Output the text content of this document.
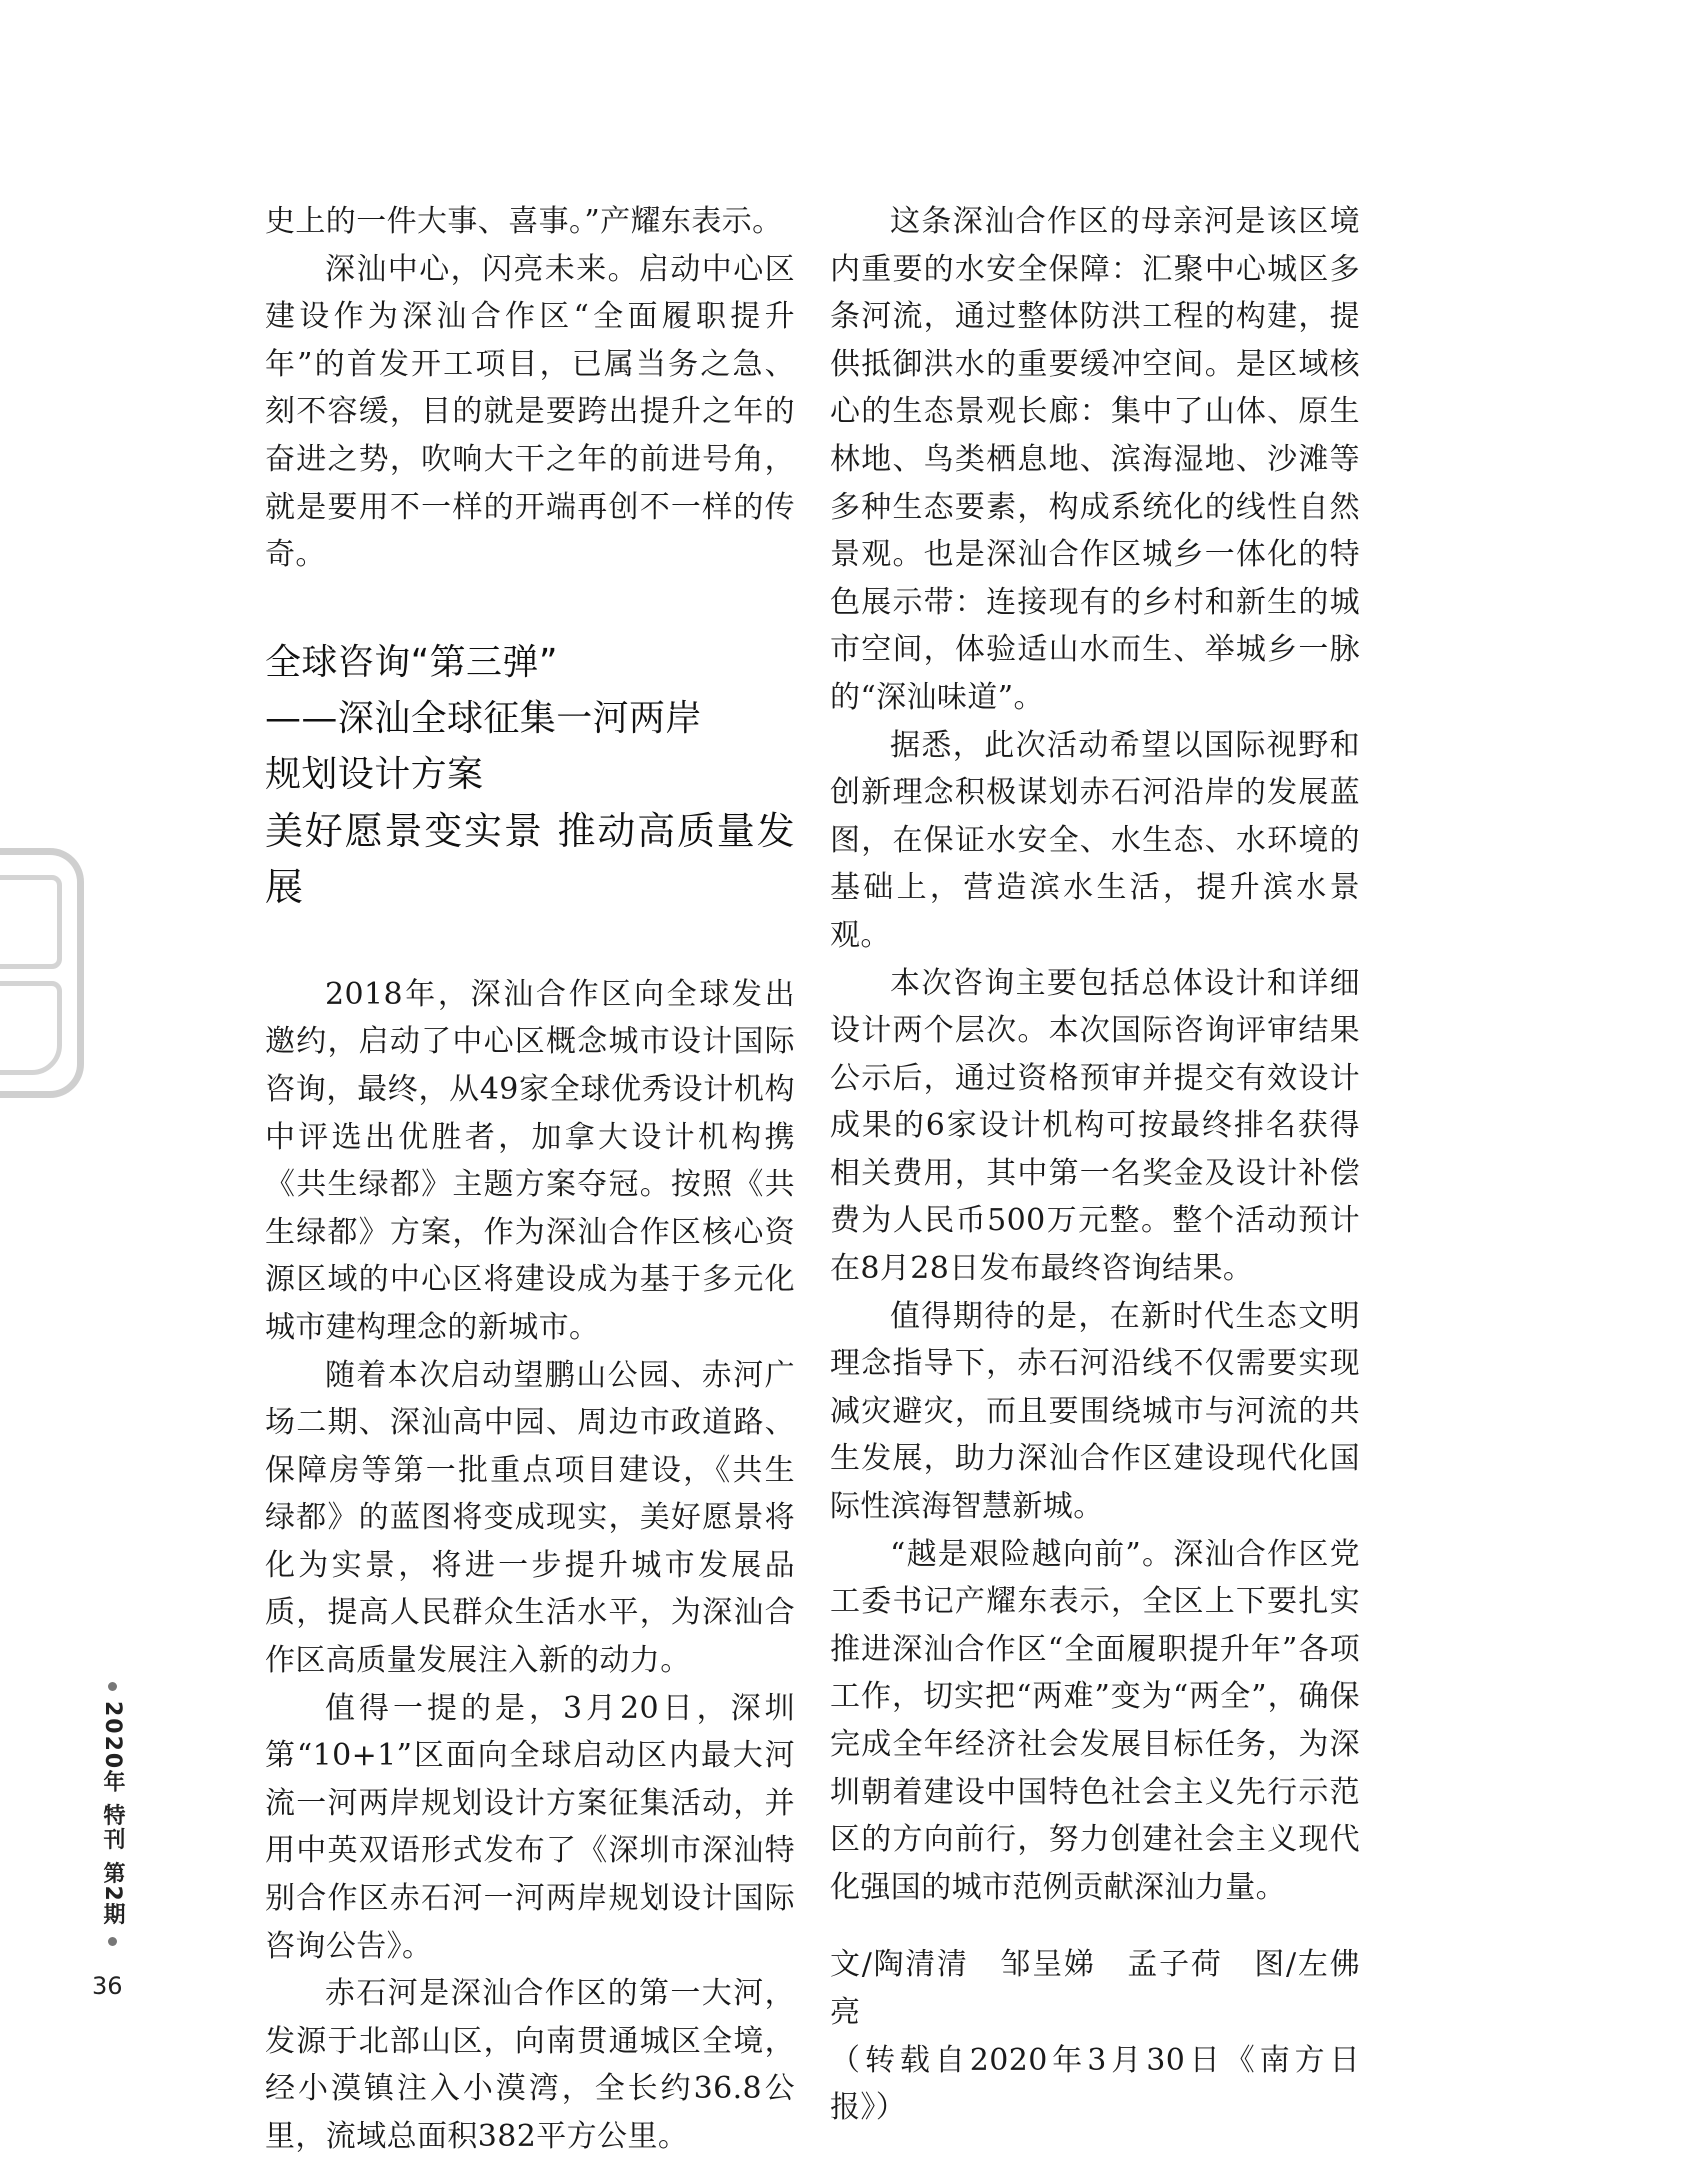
史上的一件大事、喜事。”产耀东表示。

深汕中心，闪亮未来。启动中心区建设作为深汕合作区“全面履职提升年”的首发开工项目，已属当务之急、刻不容缓，目的就是要跨出提升之年的奋进之势，吹响大干之年的前进号角，就是要用不一样的开端再创不一样的传奇。

全球咨询“第三弹”

——深汕全球征集一河两岸

规划设计方案

美好愿景变实景 推动高质量发展

2018年，深汕合作区向全球发出邀约，启动了中心区概念城市设计国际咨询，最终，从49家全球优秀设计机构中评选出优胜者，加拿大设计机构携《共生绿都》主题方案夺冠。按照《共生绿都》方案，作为深汕合作区核心资源区域的中心区将建设成为基于多元化城市建构理念的新城市。

随着本次启动望鹏山公园、赤河广场二期、深汕高中园、周边市政道路、保障房等第一批重点项目建设，《共生绿都》的蓝图将变成现实，美好愿景将化为实景，将进一步提升城市发展品质，提高人民群众生活水平，为深汕合作区高质量发展注入新的动力。

值得一提的是，3月20日，深圳第“10+1”区面向全球启动区内最大河流一河两岸规划设计方案征集活动，并用中英双语形式发布了《深圳市深汕特别合作区赤石河一河两岸规划设计国际咨询公告》。

赤石河是深汕合作区的第一大河，发源于北部山区，向南贯通城区全境，经小漠镇注入小漠湾，全长约36.8公里，流域总面积382平方公里。

这条深汕合作区的母亲河是该区境内重要的水安全保障：汇聚中心城区多条河流，通过整体防洪工程的构建，提供抵御洪水的重要缓冲空间。是区域核心的生态景观长廊：集中了山体、原生林地、鸟类栖息地、滨海湿地、沙滩等多种生态要素，构成系统化的线性自然景观。也是深汕合作区城乡一体化的特色展示带：连接现有的乡村和新生的城市空间，体验适山水而生、举城乡一脉的“深汕味道”。

据悉，此次活动希望以国际视野和创新理念积极谋划赤石河沿岸的发展蓝图，在保证水安全、水生态、水环境的基础上，营造滨水生活，提升滨水景观。

本次咨询主要包括总体设计和详细设计两个层次。本次国际咨询评审结果公示后，通过资格预审并提交有效设计成果的6家设计机构可按最终排名获得相关费用，其中第一名奖金及设计补偿费为人民币500万元整。整个活动预计在8月28日发布最终咨询结果。

值得期待的是，在新时代生态文明理念指导下，赤石河沿线不仅需要实现减灾避灾，而且要围绕城市与河流的共生发展，助力深汕合作区建设现代化国际性滨海智慧新城。

“越是艰险越向前”。深汕合作区党工委书记产耀东表示，全区上下要扎实推进深汕合作区“全面履职提升年”各项工作，切实把“两难”变为“两全”，确保完成全年经济社会发展目标任务，为深圳朝着建设中国特色社会主义先行示范区的方向前行，努力创建社会主义现代化强国的城市范例贡献深汕力量。

文/陶清清　邹呈娣　孟子荷　图/左佛亮

（转载自2020年3月30日《南方日报》）

2020年 特刊 第2期
36
